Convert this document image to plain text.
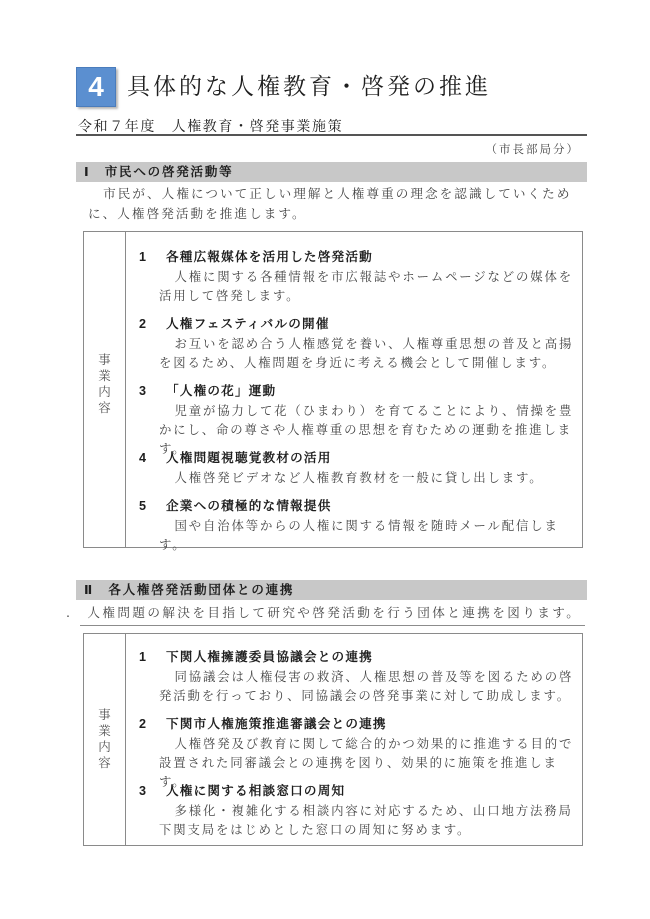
4	具体的な人権教育・啓発の推進
令和７年度　人権教育・啓発事業施策
（市長部局分）
Ⅰ　市民への啓発活動等
市民が、人権について正しい理解と人権尊重の理念を認識していくために、人権啓発活動を推進します。
事
業
内
容
1 各種広報媒体を活用した啓発活動
人権に関する各種情報を市広報誌やホームページなどの媒体を活用して啓発します。
2 人権フェスティバルの開催
お互いを認め合う人権感覚を養い、人権尊重思想の普及と高揚を図るため、人権問題を身近に考える機会として開催します。
3 「人権の花」運動
児童が協力して花（ひまわり）を育てることにより、情操を豊かにし、命の尊さや人権尊重の思想を育むための運動を推進します。
4 人権問題視聴覚教材の活用
人権啓発ビデオなど人権教育教材を一般に貸し出します。
5 企業への積極的な情報提供
国や自治体等からの人権に関する情報を随時メール配信します。
Ⅱ　各人権啓発活動団体との連携
.　人権問題の解決を目指して研究や啓発活動を行う団体と連携を図ります。
事
業
内
容
1 下関人権擁護委員協議会との連携
同協議会は人権侵害の救済、人権思想の普及等を図るための啓発活動を行っており、同協議会の啓発事業に対して助成します。
2 下関市人権施策推進審議会との連携
人権啓発及び教育に関して総合的かつ効果的に推進する目的で設置された同審議会との連携を図り、効果的に施策を推進します。
3 人権に関する相談窓口の周知
多様化・複雑化する相談内容に対応するため、山口地方法務局下関支局をはじめとした窓口の周知に努めます。
